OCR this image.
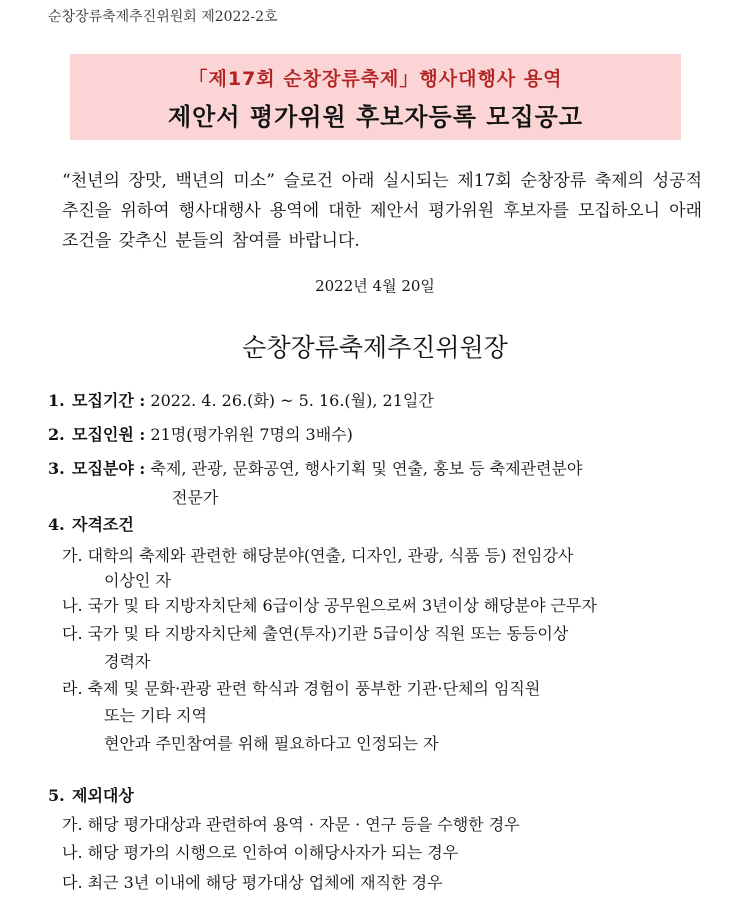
순창장류축제추진위원회 제2022-2호
「제17회 순창장류축제」행사대행사 용역
제안서 평가위원 후보자등록 모집공고
“천년의 장맛, 백년의 미소” 슬로건 아래 실시되는 제17회 순창장류 축제의 성공적 추진을 위하여 행사대행사 용역에 대한 제안서 평가위원 후보자를 모집하오니 아래 조건을 갖추신 분들의 참여를 바랍니다.
2022년 4월 20일
순창장류축제추진위원장
1. 모집기간 : 2022. 4. 26.(화) ~ 5. 16.(월), 21일간
2. 모집인원 : 21명(평가위원 7명의 3배수)
3. 모집분야 : 축제, 관광, 문화공연, 행사기획 및 연출, 홍보 등 축제관련분야
전문가
4. 자격조건
가. 대학의 축제와 관련한 해당분야(연출, 디자인, 관광, 식품 등) 전임강사
이상인 자
나. 국가 및 타 지방자치단체 6급이상 공무원으로써 3년이상 해당분야 근무자
다. 국가 및 타 지방자치단체 출연(투자)기관 5급이상 직원 또는 동등이상
경력자
라. 축제 및 문화·관광 관련 학식과 경험이 풍부한 기관·단체의 임직원
또는 기타 지역
현안과 주민참여를 위해 필요하다고 인정되는 자
5. 제외대상
가. 해당 평가대상과 관련하여 용역 · 자문 · 연구 등을 수행한 경우
나. 해당 평가의 시행으로 인하여 이해당사자가 되는 경우
다. 최근 3년 이내에 해당 평가대상 업체에 재직한 경우
